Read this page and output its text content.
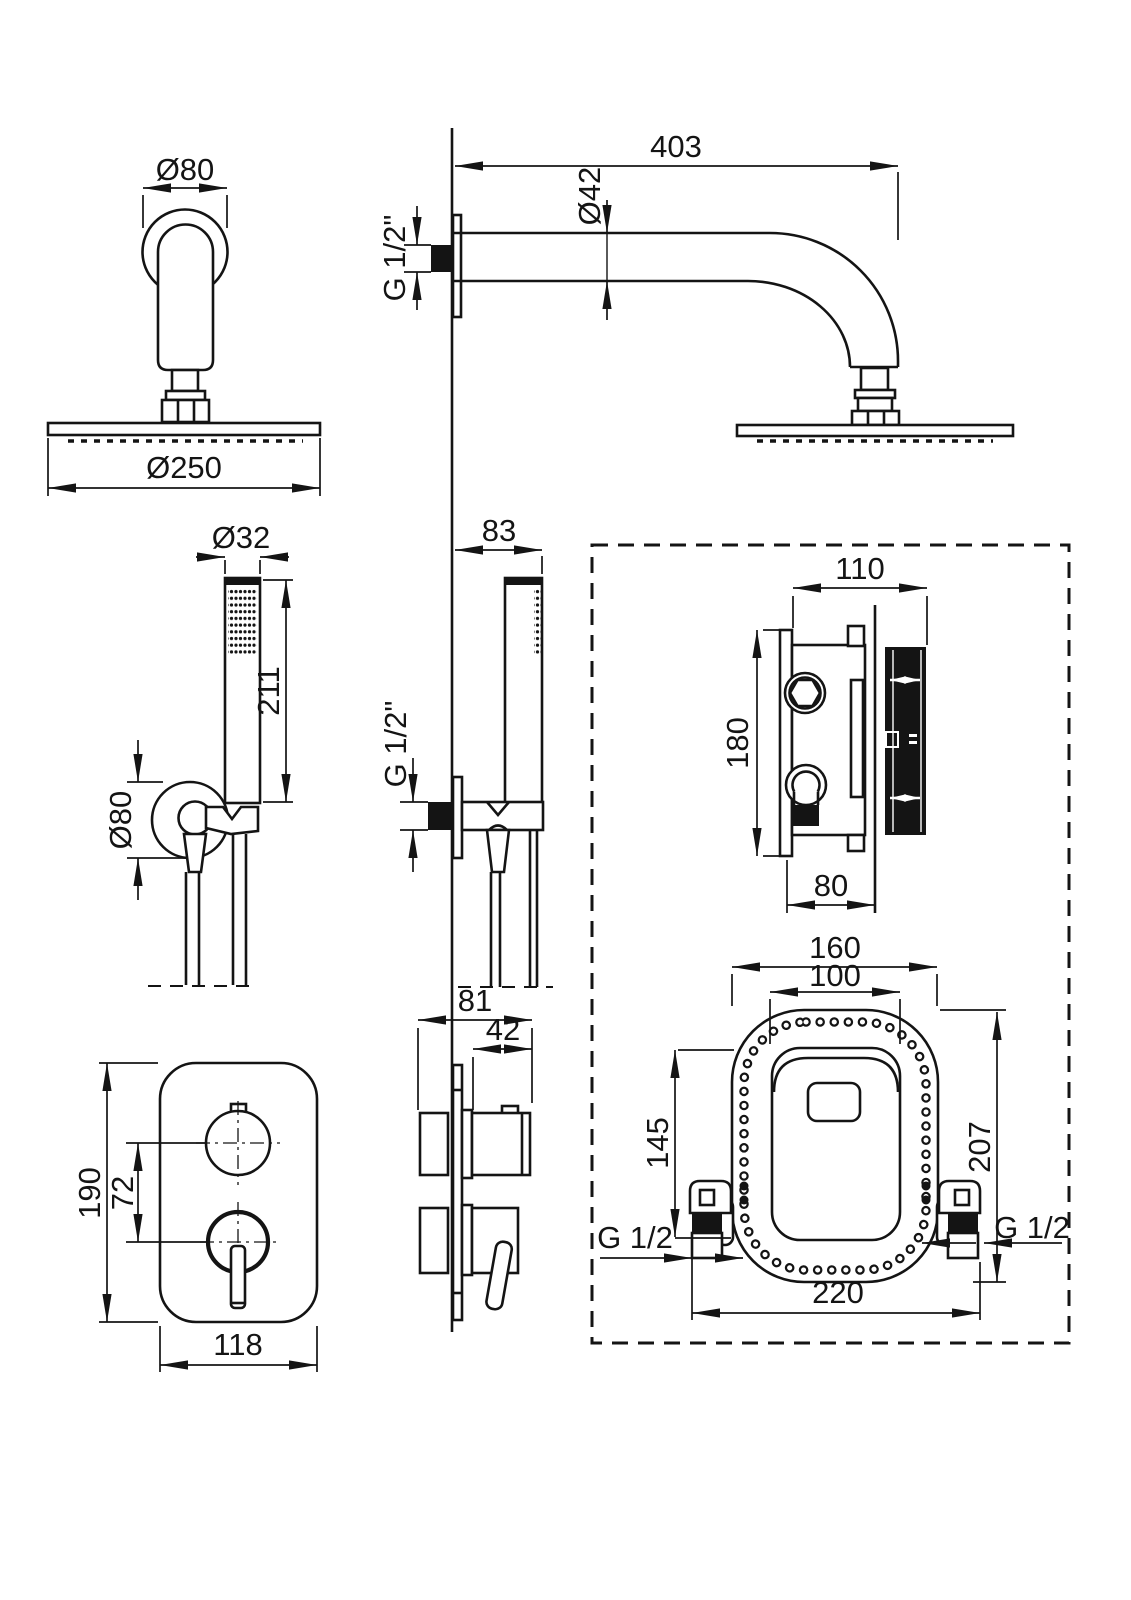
Ø80
Ø250
403
Ø42
G 1/2"
Ø32
211
Ø80
83
G 1/2"
110
180
80
190
72
118
81
42
160
100
145	207
220
G 1/2	G 1/2
